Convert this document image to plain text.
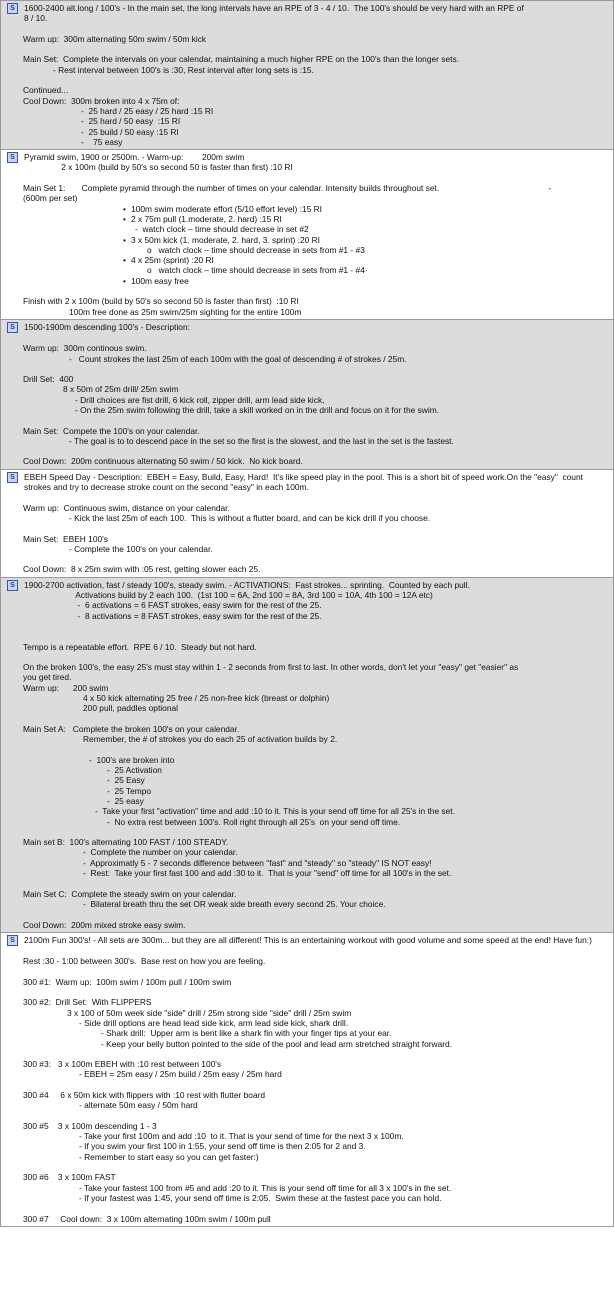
S	1600-2400 alt.long / 100's - In the main set, the long intervals have an RPE of 3 - 4 / 10.  The 100's should be very hard with an RPE of
8 / 10.
Warm up:  300m alternating 50m swim / 50m kick
Main Set:  Complete the intervals on your calendar, maintaining a much higher RPE on the 100's than the longer sets.
- Rest interval between 100's is :30, Rest interval after long sets is :15.
Continued...
Cool Down:  300m broken into 4 x 75m of:
-  25 hard / 25 easy / 25 hard :15 RI
-  25 hard / 50 easy  :15 RI
-  25 build / 50 easy :15 RI
-    75 easy
S	Pyramid swim, 1900 or 2500m. - Warm-up:        200m swim
2 x 100m (build by 50's so second 50 is faster than first) :10 RI
Main Set 1:       Complete pyramid through the number of times on your calendar. Intensity builds throughout set.                                               -
(600m per set)
• 100m swim moderate effort (5/10 effort level) :15 RI
• 2 x 75m pull (1.moderate, 2. hard) :15 RI
-  watch clock – time should decrease in set #2
• 3 x 50m kick (1. moderate, 2. hard, 3. sprint) :20 RI
o   watch clock – time should decrease in sets from #1 - #3
• 4 x 25m (sprint) :20 RI
o   watch clock – time should decrease in sets from #1 - #4·
• 100m easy free
Finish with 2 x 100m (build by 50's so second 50 is faster than first)  :10 RI
100m free done as 25m swim/25m sighting for the entire 100m
S	1500-1900m descending 100's - Description:
Warm up:  300m continous swim.
-   Count strokes the last 25m of each 100m with the goal of descending # of strokes / 25m.
Drill Set:  400
8 x 50m of 25m drill/ 25m swim
- Drill choices are fist drill, 6 kick roll, zipper drill, arm lead side kick,
- On the 25m swim following the drill, take a skill worked on in the drill and focus on it for the swim.
Main Set:  Compete the 100's on your calendar.
- The goal is to to descend pace in the set so the first is the slowest, and the last in the set is the fastest.
Cool Down:  200m continuous alternating 50 swim / 50 kick.  No kick board.
S	EBEH Speed Day - Description:  EBEH = Easy, Build, Easy, Hard!  It's like speed play in the pool. This is a short bit of speed work.On the "easy"  count strokes and try to decrease stroke count on the second "easy" in each 100m.
Warm up:  Continuous swim, distance on your calendar.
- Kick the last 25m of each 100.  This is without a flutter board, and can be kick drill if you choose.
Main Set:  EBEH 100's
- Complete the 100's on your calendar.
Cool Down:  8 x 25m swim with :05 rest, getting slower each 25.
S	1900-2700 activation, fast / steady 100's, steady swim. - ACTIVATIONS:  Fast strokes... sprinting.  Counted by each pull.
Activations build by 2 each 100.  (1st 100 = 6A, 2nd 100 = 8A, 3rd 100 = 10A, 4th 100 = 12A etc)
-  6 activations = 6 FAST strokes, easy swim for the rest of the 25.
-  8 activations = 8 FAST strokes, easy swim for the rest of the 25.
Tempo is a repeatable effort.  RPE 6 / 10.  Steady but not hard.
On the broken 100's, the easy 25's must stay within 1 - 2 seconds from first to last. In other words, don't let your "easy" get "easier" as
you get tired.
Warm up:      200 swim
4 x 50 kick alternating 25 free / 25 non-free kick (breast or dolphin)
200 pull, paddles optional
Main Set A:   Complete the broken 100's on your calendar.
Remember, the # of strokes you do each 25 of activation builds by 2.
-  100's are broken into
-  25 Activation
-  25 Easy
-  25 Tempo
-  25 easy
-  Take your first "activation" time and add :10 to it. This is your send off time for all 25's in the set.
-  No extra rest between 100's. Roll right through all 25's  on your send off time.
Main set B:  100's alternating 100 FAST / 100 STEADY.
-  Complete the number on your calendar.
-  Approximatly 5 - 7 seconds difference between "fast" and "steady" so "steady" IS NOT easy!
-  Rest:  Take your first fast 100 and add :30 to it.  That is your "send" off time for all 100's in the set.
Main Set C:  Complete the steady swim on your calendar.
-  Bilateral breath thru the set OR weak side breath every second 25. Your choice.
Cool Down:  200m mixed stroke easy swim.
S	2100m Fun 300's! - All sets are 300m... but they are all different! This is an entertaining workout with good volume and some speed at the end! Have fun:)
Rest :30 - 1:00 between 300's.  Base rest on how you are feeling.
300 #1:  Warm up:  100m swim / 100m pull / 100m swim
300 #2:  Drill Set:  With FLIPPERS
3 x 100 of 50m week side "side" drill / 25m strong side "side" drill / 25m swim
- Side drill options are head lead side kick, arm lead side kick, shark drill.
- Shark drill:  Upper arm is bent like a shark fin with your finger tips at your ear.
- Keep your belly button pointed to the side of the pool and lead arm stretched straight forward.
300 #3:   3 x 100m EBEH with :10 rest between 100's
- EBEH = 25m easy / 25m build / 25m easy / 25m hard
300 #4     6 x 50m kick with flippers with :10 rest with flutter board
- alternate 50m easy / 50m hard
300 #5    3 x 100m descending 1 - 3
- Take your first 100m and add :10  to it. That is your send of time for the next 3 x 100m.
- If you swim your first 100 in 1:55, your send off time is then 2:05 for 2 and 3.
- Remember to start easy so you can get faster:)
300 #6    3 x 100m FAST
- Take your fastest 100 from #5 and add :20 to it. This is your send off time for all 3 x 100's in the set.
- If your fastest was 1:45, your send off time is 2:05.  Swim these at the fastest pace you can hold.
300 #7     Cool down:  3 x 100m alternating 100m swim / 100m pull
